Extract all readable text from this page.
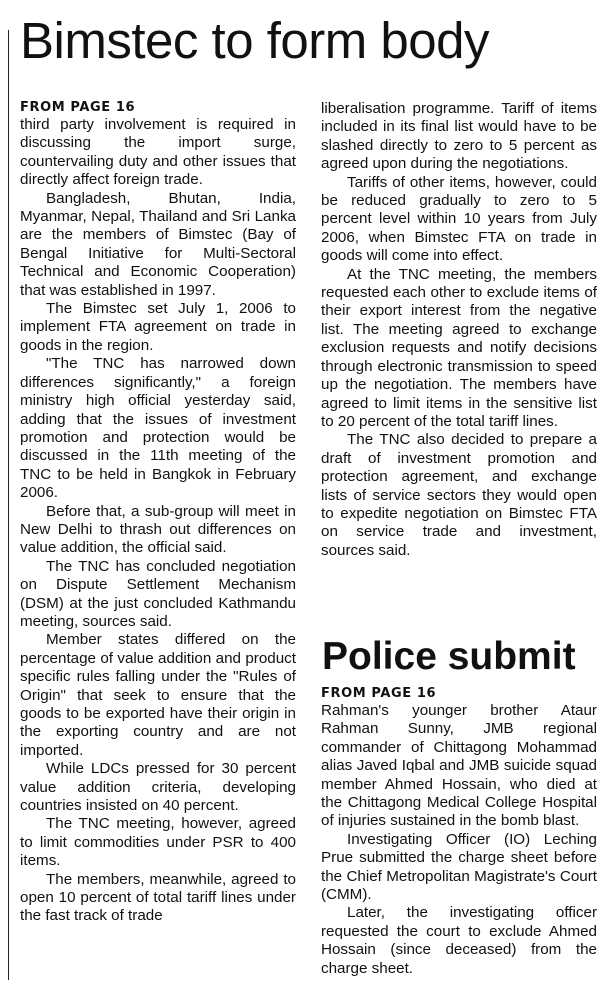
Bimstec to form body
FROM PAGE 16

third party involvement is required in discussing the import surge, countervailing duty and other issues that directly affect foreign trade.

Bangladesh, Bhutan, India, Myanmar, Nepal, Thailand and Sri Lanka are the members of Bimstec (Bay of Bengal Initiative for Multi-Sectoral Technical and Economic Cooperation) that was established in 1997.

The Bimstec set July 1, 2006 to implement FTA agreement on trade in goods in the region.

"The TNC has narrowed down differences significantly," a foreign ministry high official yesterday said, adding that the issues of investment promotion and protection would be discussed in the 11th meeting of the TNC to be held in Bangkok in February 2006.

Before that, a sub-group will meet in New Delhi to thrash out differences on value addition, the official said.

The TNC has concluded negotiation on Dispute Settlement Mechanism (DSM) at the just concluded Kathmandu meeting, sources said.

Member states differed on the percentage of value addition and product specific rules falling under the "Rules of Origin" that seek to ensure that the goods to be exported have their origin in the exporting country and are not imported.

While LDCs pressed for 30 percent value addition criteria, developing countries insisted on 40 percent.

The TNC meeting, however, agreed to limit commodities under PSR to 400 items.

The members, meanwhile, agreed to open 10 percent of total tariff lines under the fast track of trade

liberalisation programme. Tariff of items included in its final list would have to be slashed directly to zero to 5 percent as agreed upon during the negotiations.

Tariffs of other items, however, could be reduced gradually to zero to 5 percent level within 10 years from July 2006, when Bimstec FTA on trade in goods will come into effect.

At the TNC meeting, the members requested each other to exclude items of their export interest from the negative list. The meeting agreed to exchange exclusion requests and notify decisions through electronic transmission to speed up the negotiation. The members have agreed to limit items in the sensitive list to 20 percent of the total tariff lines.

The TNC also decided to prepare a draft of investment promotion and protection agreement, and exchange lists of service sectors they would open to expedite negotiation on Bimstec FTA on service trade and investment, sources said.

Police submit
FROM PAGE 16

Rahman's younger brother Ataur Rahman Sunny, JMB regional commander of Chittagong Mohammad alias Javed Iqbal and JMB suicide squad member Ahmed Hossain, who died at the Chittagong Medical College Hospital of injuries sustained in the bomb blast.

Investigating Officer (IO) Leching Prue submitted the charge sheet before the Chief Metropolitan Magistrate's Court (CMM).

Later, the investigating officer requested the court to exclude Ahmed Hossain (since deceased) from the charge sheet.
